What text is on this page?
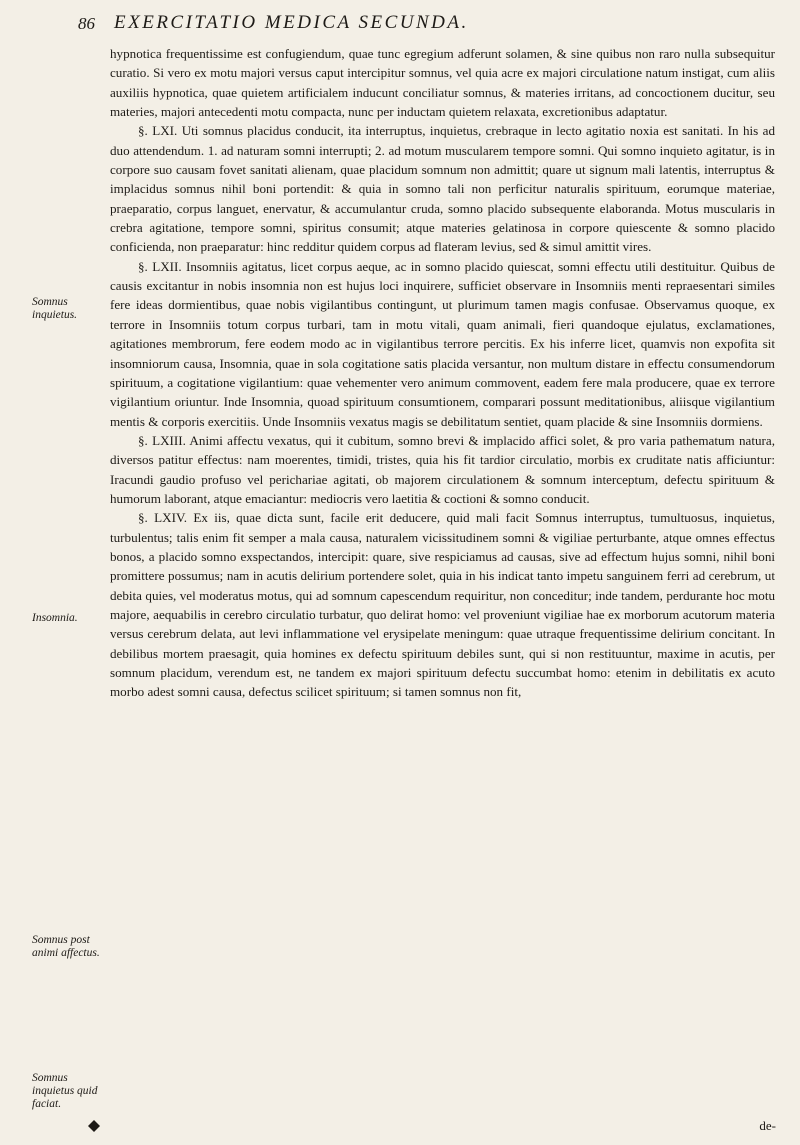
86 EXERCITATIO MEDICA SECUNDA.
Somnus inquietus.
Insomnia.
Somnus post animi affectus.
Somnus inquietus quid faciat.

hypnotica frequentissime est confugiendum, quae tunc egregium adferunt solamen, & sine quibus non raro nulla subsequitur curatio. Si vero ex motu majori versus caput intercipitur somnus, vel quia acre ex majori circulatione natum instigat, cum aliis auxiliis hypnotica, quae quietem artificialem inducunt conciliatur somnus, & materies irritans, ad concoctionem ducitur, seu materies, majori antecedenti motu compacta, nunc per inductam quietem relaxata, excretionibus adaptatur.

§. LXI. Uti somnus placidus conducit, ita interruptus, inquietus, crebraque in lecto agitatio noxia est sanitati. In his ad duo attendendum. 1. ad naturam somni interrupti; 2. ad motum muscularem tempore somni. Qui somno inquieto agitatur, is in corpore suo causam fovet sanitati alienam, quae placidum somnum non admittit; quare ut signum mali latentis, interruptus & implacidus somnus nihil boni portendit: & quia in somno tali non perficitur naturalis spirituum, eorumque materiae, praeparatio, corpus languet, enervatur, & accumulantur cruda, somno placido subsequente elaboranda. Motus muscularis in crebra agitatione, tempore somni, spiritus consumit; atque materies gelatinosa in corpore quiescente & somno placido conficienda, non praeparatur: hinc redditur quidem corpus ad flateram levius, sed & simul amittit vires.

§. LXII. Insomniis agitatus, licet corpus aeque, ac in somno placido quiescat, somni effectu utili destituitur. Quibus de causis excitantur in nobis insomnia non est hujus loci inquirere, sufficiet observare in Insomniis menti repraesentari similes fere ideas dormientibus, quae nobis vigilantibus contingunt, ut plurimum tamen magis confusae. Observamus quoque, ex terrore in Insomniis totum corpus turbari, tam in motu vitali, quam animali, fieri quandoque ejulatus, exclamationes, agitationes membrorum, fere eodem modo ac in vigilantibus terrore percitis. Ex his inferre licet, quamvis non expofita sit insomniorum causa, Insomnia, quae in sola cogitatione satis placida versantur, non multum distare in effectu consumendorum spirituum, a cogitatione vigilantium: quae vehementer vero animum commovent, eadem fere mala producere, quae ex terrore vigilantium oriuntur. Inde Insomnia, quoad spirituum consumtionem, comparari possunt meditationibus, aliisque vigilantium mentis & corporis exercitiis. Unde Insomniis vexatus magis se debilitatum sentiet, quam placide & sine Insomniis dormiens.

§. LXIII. Animi affectu vexatus, qui it cubitum, somno brevi & implacido affici solet, & pro varia pathematum natura, diversos patitur effectus: nam moerentes, timidi, tristes, quia his fit tardior circulatio, morbis ex cruditate natis afficiuntur: Iracundi gaudio profuso vel perichariae agitati, ob majorem circulationem & somnum interceptum, defectu spirituum & humorum laborant, atque emaciantur: mediocris vero laetitia & coctioni & somno conducit.

§. LXIV. Ex iis, quae dicta sunt, facile erit deducere, quid mali facit Somnus interruptus, tumultuosus, inquietus, turbulentus; talis enim fit semper a mala causa, naturalem vicissitudinem somni & vigiliae perturbante, atque omnes effectus bonos, a placido somno exspectandos, intercipit: quare, sive respiciamus ad causas, sive ad effectum hujus somni, nihil boni promittere possumus; nam in acutis delirium portendere solet, quia in his indicat tanto impetu sanguinem ferri ad cerebrum, ut debita quies, vel moderatus motus, qui ad somnum capescendum requiritur, non conceditur; inde tandem, perdurante hoc motu majore, aequabilis in cerebro circulatio turbatur, quo delirat homo: vel proveniunt vigiliae hae ex morborum acutorum materia versus cerebrum delata, aut levi inflammatione vel erysipelate meningum: quae utraque frequentissime delirium concitant. In debilibus mortem praesagit, quia homines ex defectu spirituum debiles sunt, qui si non restituuntur, maxime in acutis, per somnum placidum, verendum est, ne tandem ex majori spirituum defectu succumbat homo: etenim in debilitatis ex acuto morbo adest somni causa, defectus scilicet spirituum; si tamen somnus non fit,

de-
